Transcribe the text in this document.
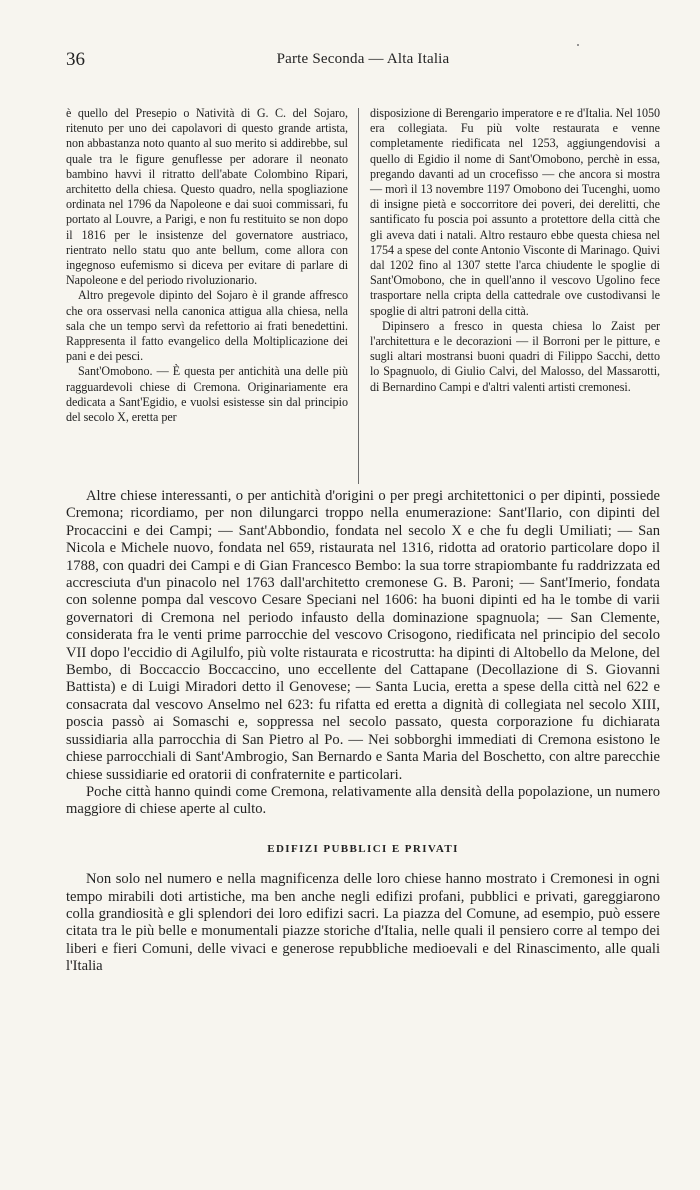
36	Parte Seconda — Alta Italia

è quello del Presepio o Natività di G. C. del Sojaro, ritenuto per uno dei capolavori di questo grande artista, non abbastanza noto quanto al suo merito si addirebbe, sul quale tra le figure genuflesse per adorare il neonato bambino havvi il ritratto dell'abate Colombino Ripari, architetto della chiesa. Questo quadro, nella spogliazione ordinata nel 1796 da Napoleone e dai suoi commissari, fu portato al Louvre, a Parigi, e non fu restituito se non dopo il 1816 per le insistenze del governatore austriaco, rientrato nello statu quo ante bellum, come allora con ingegnoso eufemismo si diceva per evitare di parlare di Napoleone e del periodo rivoluzionario.

Altro pregevole dipinto del Sojaro è il grande affresco che ora osservasi nella canonica attigua alla chiesa, nella sala che un tempo servì da refettorio ai frati benedettini. Rappresenta il fatto evangelico della Moltiplicazione dei pani e dei pesci.

Sant'Omobono. — È questa per antichità una delle più ragguardevoli chiese di Cremona. Originariamente era dedicata a Sant'Egidio, e vuolsi esistesse sin dal principio del secolo X, eretta per

disposizione di Berengario imperatore e re d'Italia. Nel 1050 era collegiata. Fu più volte restaurata e venne completamente riedificata nel 1253, aggiungendovisi a quello di Egidio il nome di Sant'Omobono, perchè in essa, pregando davanti ad un crocefisso — che ancora si mostra — morì il 13 novembre 1197 Omobono dei Tucenghi, uomo di insigne pietà e soccorritore dei poveri, dei derelitti, che santificato fu poscia poi assunto a protettore della città che gli aveva dati i natali. Altro restauro ebbe questa chiesa nel 1754 a spese del conte Antonio Visconte di Marinago. Quivi dal 1202 fino al 1307 stette l'arca chiudente le spoglie di Sant'Omobono, che in quell'anno il vescovo Ugolino fece trasportare nella cripta della cattedrale ove custodivansi le spoglie di altri patroni della città.

Dipinsero a fresco in questa chiesa lo Zaist per l'architettura e le decorazioni — il Borroni per le pitture, e sugli altari mostransi buoni quadri di Filippo Sacchi, detto lo Spagnuolo, di Giulio Calvi, del Malosso, del Massarotti, di Bernardino Campi e d'altri valenti artisti cremonesi.

Altre chiese interessanti, o per antichità d'origini o per pregi architettonici o per dipinti, possiede Cremona; ricordiamo, per non dilungarci troppo nella enumerazione: Sant'Ilario, con dipinti del Procaccini e dei Campi; — Sant'Abbondio, fondata nel secolo X e che fu degli Umiliati; — San Nicola e Michele nuovo, fondata nel 659, ristaurata nel 1316, ridotta ad oratorio particolare dopo il 1788, con quadri dei Campi e di Gian Francesco Bembo: la sua torre strapiombante fu raddrizzata ed accresciuta d'un pinacolo nel 1763 dall'architetto cremonese G. B. Paroni; — Sant'Imerio, fondata con solenne pompa dal vescovo Cesare Speciani nel 1606: ha buoni dipinti ed ha le tombe di varii governatori di Cremona nel periodo infausto della dominazione spagnuola; — San Clemente, considerata fra le venti prime parrocchie del vescovo Crisogono, riedificata nel principio del secolo VII dopo l'eccidio di Agilulfo, più volte ristaurata e ricostrutta: ha dipinti di Altobello da Melone, del Bembo, di Boccaccio Boccaccino, uno eccellente del Cattapane (Decollazione di S. Giovanni Battista) e di Luigi Miradori detto il Genovese; — Santa Lucia, eretta a spese della città nel 622 e consacrata dal vescovo Anselmo nel 623: fu rifatta ed eretta a dignità di collegiata nel secolo XIII, poscia passò ai Somaschi e, soppressa nel secolo passato, questa corporazione fu dichiarata sussidiaria alla parrocchia di San Pietro al Po. — Nei sobborghi immediati di Cremona esistono le chiese parrocchiali di Sant'Ambrogio, San Bernardo e Santa Maria del Boschetto, con altre parecchie chiese sussidiarie ed oratorii di confraternite e particolari.

Poche città hanno quindi come Cremona, relativamente alla densità della popolazione, un numero maggiore di chiese aperte al culto.

EDIFIZI PUBBLICI E PRIVATI

Non solo nel numero e nella magnificenza delle loro chiese hanno mostrato i Cremonesi in ogni tempo mirabili doti artistiche, ma ben anche negli edifizi profani, pubblici e privati, gareggiarono colla grandiosità e gli splendori dei loro edifizi sacri. La piazza del Comune, ad esempio, può essere citata tra le più belle e monumentali piazze storiche d'Italia, nelle quali il pensiero corre al tempo dei liberi e fieri Comuni, delle vivaci e generose repubbliche medioevali e del Rinascimento, alle quali l'Italia
